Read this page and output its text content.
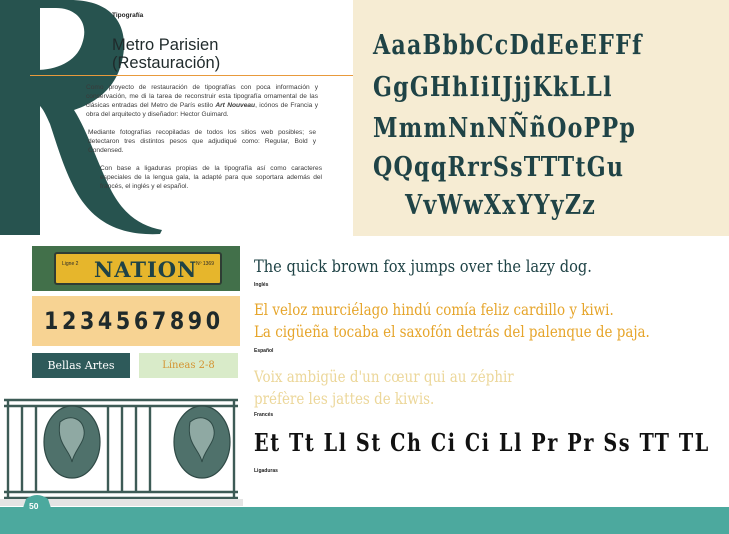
Tipografía
Metro Parisien
(Restauración)

Como proyecto de restauración de tipografías con poca información y conservación, me di la tarea de reconstruir esta tipografía ornamental de las clásicas entradas del Metro de París estilo Art Nouveau, icónos de Francia y obra del arquitecto y diseñador: Hector Guimard.

Mediante fotografías recopiladas de todos los sitios web posibles; se detectaron tres distintos pesos que adjudiqué como: Regular, Bold y Condensed.

Con base a ligaduras propias de la tipografía así como caracteres especiales de la lengua gala, la adapté para que soportara además del francés, el inglés y el español.

AaaBbbCcDdEeEFFf
GgGHhIiIJjjKkLLl
MmmNnNÑñOoPPp
QQqqRrrSsTTTtGu
VvWwXxYYyZz
Ligne 2 NATION
Nº 1369
1234567890
Bellas Artes	Líneas 2-8
The quick brown fox jumps over the lazy dog.
Inglés
El veloz murciélago hindú comía feliz cardillo y kiwi.
La cigüeña tocaba el saxofón detrás del palenque de paja.
Español
Voix ambigüe d'un cœur qui au zéphir
préfère les jattes de kiwis.
Francés
Et Tt Ll St Ch Ci Ci Ll Pr Pr Ss TT TL
Ligaduras
50
